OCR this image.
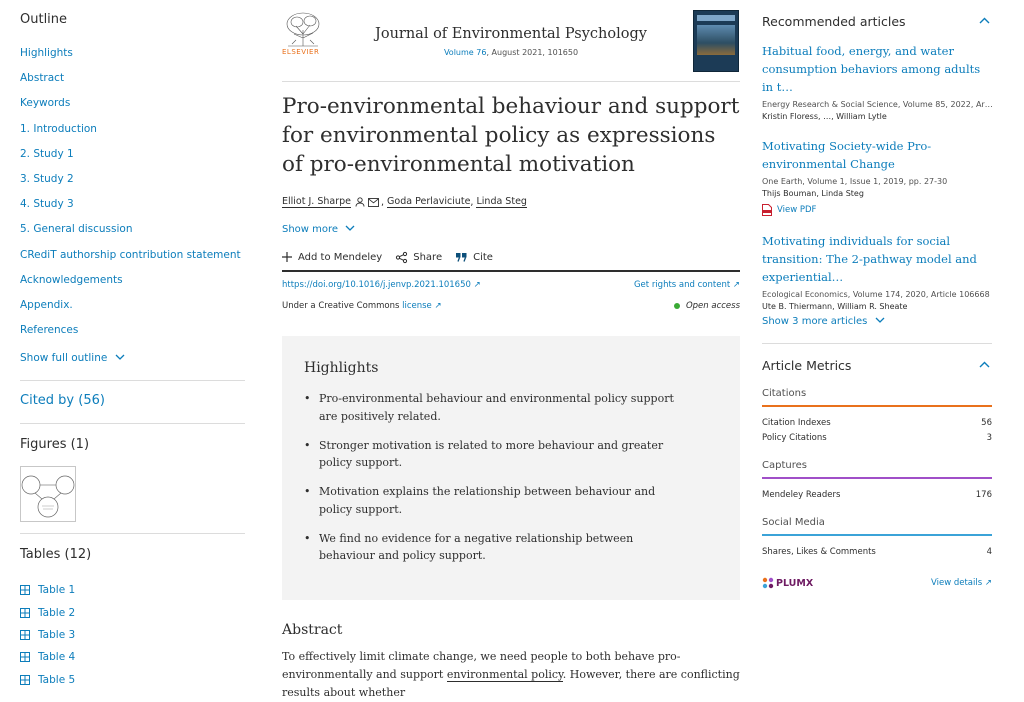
Outline
Highlights
Abstract
Keywords
1. Introduction
2. Study 1
3. Study 2
4. Study 3
5. General discussion
CRediT authorship contribution statement
Acknowledgements
Appendix.
References
Show full outline
Cited by (56)
Figures (1)
Tables (12)
Table 1
Table 2
Table 3
Table 4
Table 5
ELSEVIER
Journal of Environmental Psychology
Volume 76, August 2021, 101650
Pro-environmental behaviour and support for environmental policy as expressions of pro-environmental motivation
Elliot J. Sharpe	,
Goda Perlaviciute ,
Linda Steg
Show more
Add to Mendeley	Share	Cite
https://doi.org/10.1016/j.jenvp.2021.101650 ↗	Get rights and content ↗
Under a Creative Commons license ↗	Open access
Highlights
• Pro-environmental behaviour and environmental policy support are positively related.
• Stronger motivation is related to more behaviour and greater policy support.
• Motivation explains the relationship between behaviour and policy support.
• We find no evidence for a negative relationship between behaviour and policy support.
Abstract

To effectively limit climate change, we need people to both behave pro-environmentally and support environmental policy. However, there are conflicting results about whether

Recommended articles
Habitual food, energy, and water consumption behaviors among adults in t…
Energy Research & Social Science, Volume 85, 2022, Ar…
Kristin Floress, …, William Lytle
Motivating Society-wide Pro-environmental Change
One Earth, Volume 1, Issue 1, 2019, pp. 27-30
Thijs Bouman, Linda Steg
View PDF
Motivating individuals for social transition: The 2-pathway model and experiential…
Ecological Economics, Volume 174, 2020, Article 106668
Ute B. Thiermann, William R. Sheate
Show 3 more articles
Article Metrics
Citations
Citation Indexes	56
Policy Citations	3
Captures
Mendeley Readers	176
Social Media
Shares, Likes & Comments	4
PLUMX	View details ↗
